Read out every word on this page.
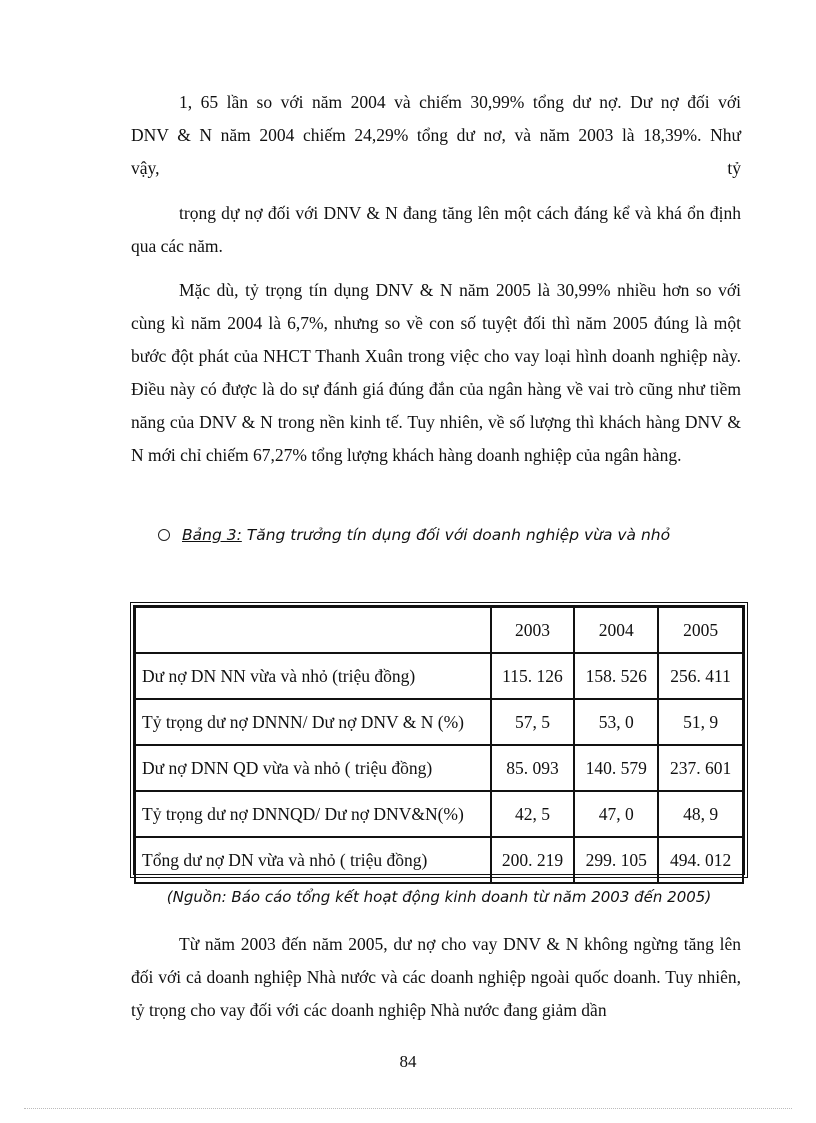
1, 65 lần so với năm 2004 và chiếm 30,99% tổng dư nợ. Dư nợ đối với
DNV & N năm 2004 chiếm 24,29% tổng dư nơ, và năm 2003 là 18,39%. Như
vậy,	tỷ

trọng dự nợ đối với DNV & N đang tăng lên một cách đáng kể và khá ổn định qua các năm.

Mặc dù, tỷ trọng tín dụng DNV & N năm 2005 là 30,99% nhiều hơn so với cùng kì năm 2004 là 6,7%, nhưng so về con số tuyệt đối thì năm 2005 đúng là một bước đột phát của NHCT Thanh Xuân trong việc cho vay loại hình doanh nghiệp này. Điều này có được là do sự đánh giá đúng đắn của ngân hàng về vai trò cũng như tiềm năng của DNV & N trong nền kinh tế. Tuy nhiên, về số lượng thì khách hàng DNV & N mới chỉ chiếm 67,27% tổng lượng khách hàng doanh nghiệp của ngân hàng.

Bảng 3: Tăng trưởng tín dụng đối với doanh nghiệp vừa và nhỏ
	2003	2004	2005
Dư nợ DN NN vừa và nhỏ (triệu đồng)	115. 126	158. 526	256. 411
Tỷ trọng dư nợ DNNN/ Dư nợ DNV & N (%)	57, 5	53, 0	51, 9
Dư nợ DNN QD vừa và nhỏ ( triệu đồng)	85. 093	140. 579	237. 601
Tỷ trọng dư nợ DNNQD/ Dư nợ DNV&N(%)	42, 5	47, 0	48, 9
Tổng dư nợ DN vừa và nhỏ ( triệu đồng)	200. 219	299. 105	494. 012
(Nguồn: Báo cáo tổng kết hoạt động kinh doanh từ năm 2003 đến 2005)

Từ năm 2003 đến năm 2005, dư nợ cho vay DNV & N không ngừng tăng lên đối với cả doanh nghiệp Nhà nước và các doanh nghiệp ngoài quốc doanh. Tuy nhiên, tỷ trọng cho vay đối với các doanh nghiệp Nhà nước đang giảm dần

84
